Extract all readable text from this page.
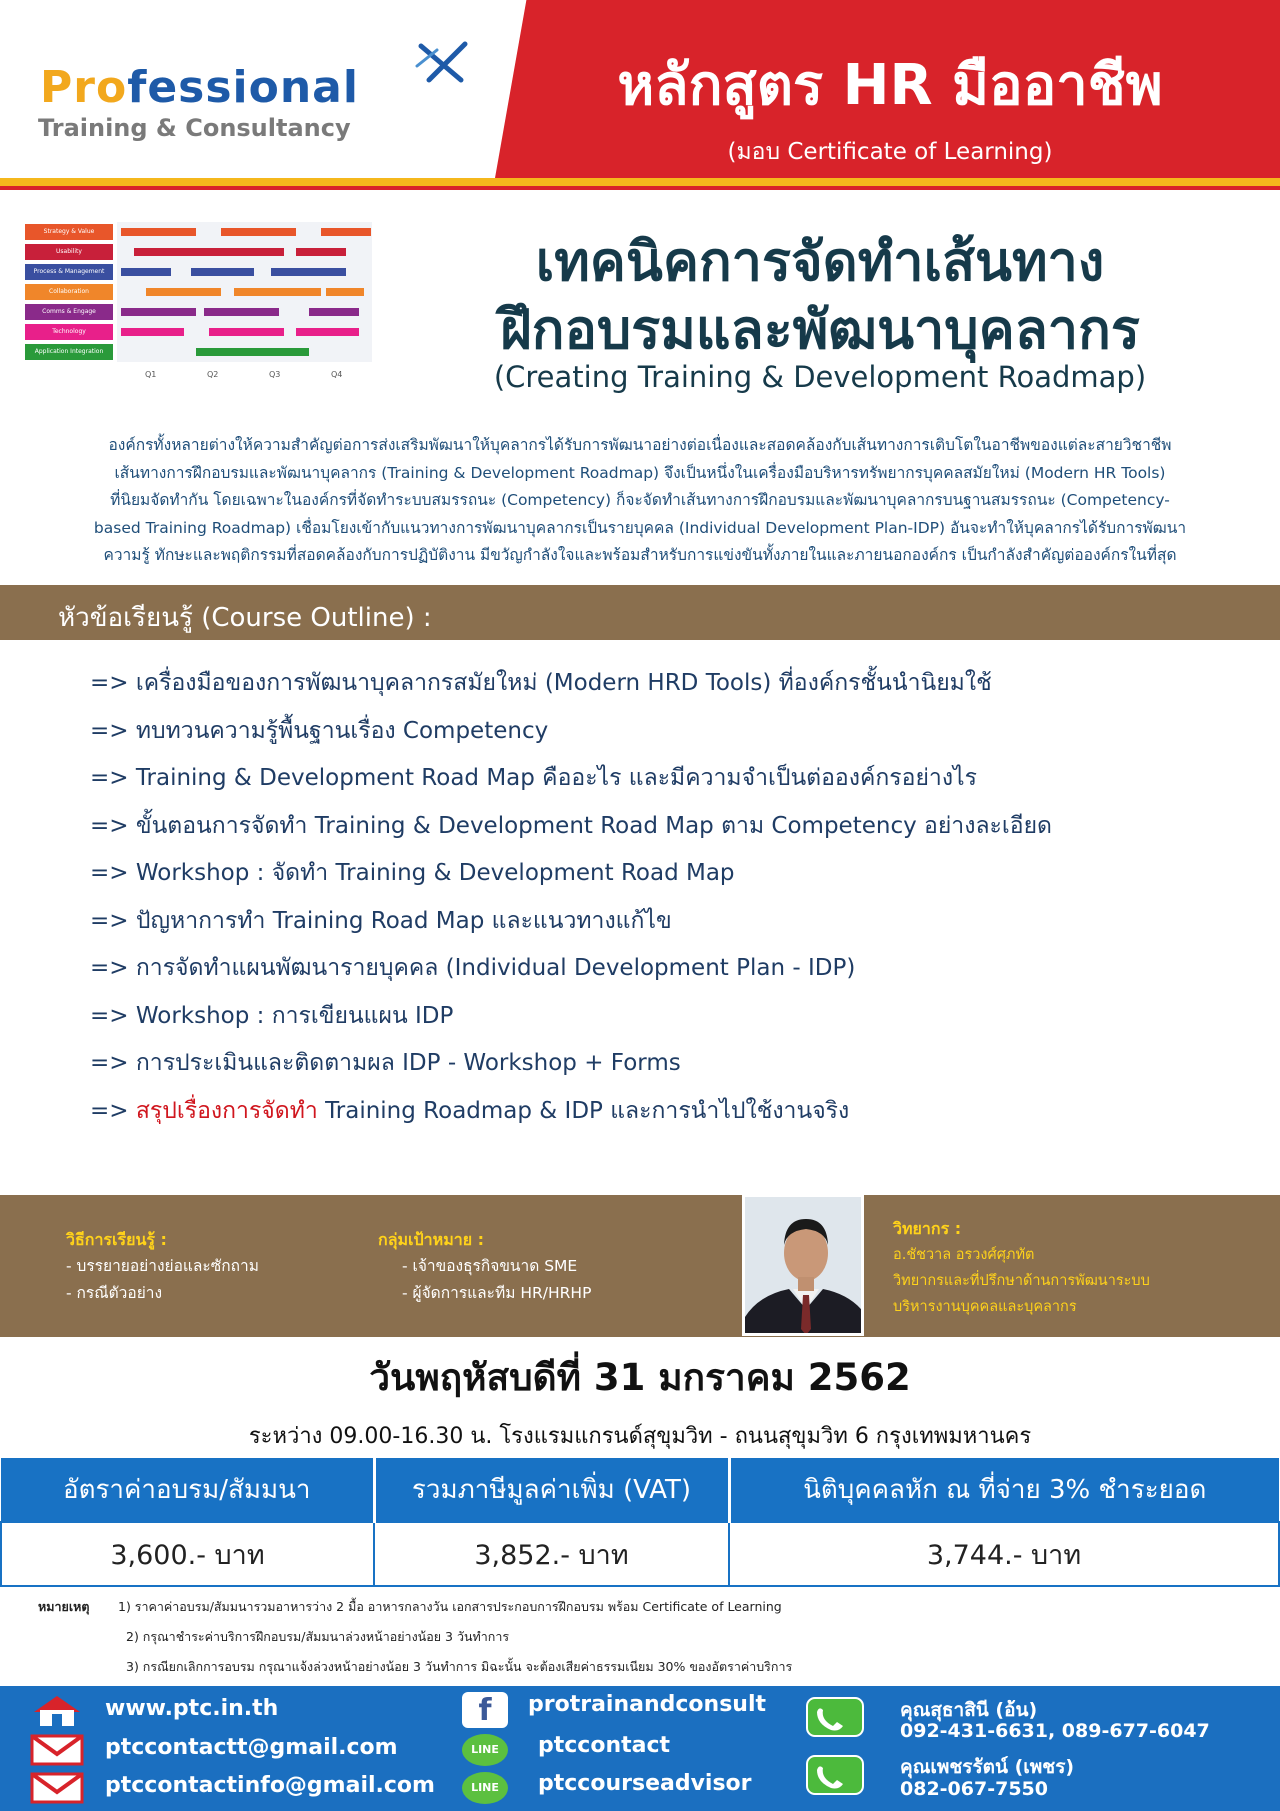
Professional
Training & Consultancy
หลักสูตร HR มืออาชีพ
(มอบ Certificate of Learning)
Strategy & Value
Usability
Process & Management
Collaboration
Comms & Engage
Technology
Application Integration
Q1	Q2	Q3	Q4
เทคนิคการจัดทำเส้นทาง
ฝึกอบรมและพัฒนาบุคลากร
(Creating Training & Development Roadmap)
องค์กรทั้งหลายต่างให้ความสำคัญต่อการส่งเสริมพัฒนาให้บุคลากรได้รับการพัฒนาอย่างต่อเนื่องและสอดคล้องกับเส้นทางการเติบโตในอาชีพของแต่ละสายวิชาชีพ
เส้นทางการฝึกอบรมและพัฒนาบุคลากร (Training & Development Roadmap) จึงเป็นหนึ่งในเครื่องมือบริหารทรัพยากรบุคคลสมัยใหม่ (Modern HR Tools)
ที่นิยมจัดทำกัน โดยเฉพาะในองค์กรที่จัดทำระบบสมรรถนะ (Competency) ก็จะจัดทำเส้นทางการฝึกอบรมและพัฒนาบุคลากรบนฐานสมรรถนะ (Competency-
based Training Roadmap) เชื่อมโยงเข้ากับแนวทางการพัฒนาบุคลากรเป็นรายบุคคล (Individual Development Plan-IDP) อันจะทำให้บุคลากรได้รับการพัฒนา
ความรู้ ทักษะและพฤติกรรมที่สอดคล้องกับการปฏิบัติงาน มีขวัญกำลังใจและพร้อมสำหรับการแข่งขันทั้งภายในและภายนอกองค์กร เป็นกำลังสำคัญต่อองค์กรในที่สุด
หัวข้อเรียนรู้ (Course Outline) :
=> เครื่องมือของการพัฒนาบุคลากรสมัยใหม่ (Modern HRD Tools) ที่องค์กรชั้นนำนิยมใช้
=> ทบทวนความรู้พื้นฐานเรื่อง Competency
=> Training & Development Road Map คืออะไร และมีความจำเป็นต่อองค์กรอย่างไร
=> ขั้นตอนการจัดทำ Training & Development Road Map ตาม Competency อย่างละเอียด
=> Workshop : จัดทำ Training & Development Road Map
=> ปัญหาการทำ Training Road Map และแนวทางแก้ไข
=> การจัดทำแผนพัฒนารายบุคคล (Individual Development Plan - IDP)
=> Workshop : การเขียนแผน IDP
=> การประเมินและติดตามผล IDP - Workshop + Forms
=> สรุปเรื่องการจัดทำ Training Roadmap & IDP และการนำไปใช้งานจริง
วิธีการเรียนรู้ :
- บรรยายอย่างย่อและซักถาม
- กรณีตัวอย่าง
กลุ่มเป้าหมาย :
- เจ้าของธุรกิจขนาด SME
- ผู้จัดการและทีม HR/HRHP
วิทยากร :
อ.ชัชวาล อรวงศ์ศุภทัต
วิทยากรและที่ปรึกษาด้านการพัฒนาระบบ
บริหารงานบุคคลและบุคลากร
วันพฤหัสบดีที่ 31 มกราคม 2562
ระหว่าง 09.00-16.30 น. โรงแรมแกรนด์สุขุมวิท - ถนนสุขุมวิท 6 กรุงเทพมหานคร
อัตราค่าอบรม/สัมมนา	รวมภาษีมูลค่าเพิ่ม (VAT)	นิติบุคคลหัก ณ ที่จ่าย 3% ชำระยอด
3,600.- บาท	3,852.- บาท	3,744.- บาท
หมายเหตุ 1) ราคาค่าอบรม/สัมมนารวมอาหารว่าง 2 มื้อ อาหารกลางวัน เอกสารประกอบการฝึกอบรม พร้อม Certificate of Learning
2) กรุณาชำระค่าบริการฝึกอบรม/สัมมนาล่วงหน้าอย่างน้อย 3 วันทำการ
3) กรณียกเลิกการอบรม กรุณาแจ้งล่วงหน้าอย่างน้อย 3 วันทำการ มิฉะนั้น จะต้องเสียค่าธรรมเนียม 30% ของอัตราค่าบริการ
www.ptc.in.th
ptccontactt@gmail.com
ptccontactinfo@gmail.com
f	protrainandconsult
LINE	ptccontact
LINE	ptccourseadvisor
คุณสุธาสินี (อ้น)
092-431-6631, 089-677-6047
คุณเพชรรัตน์ (เพชร)
082-067-7550
